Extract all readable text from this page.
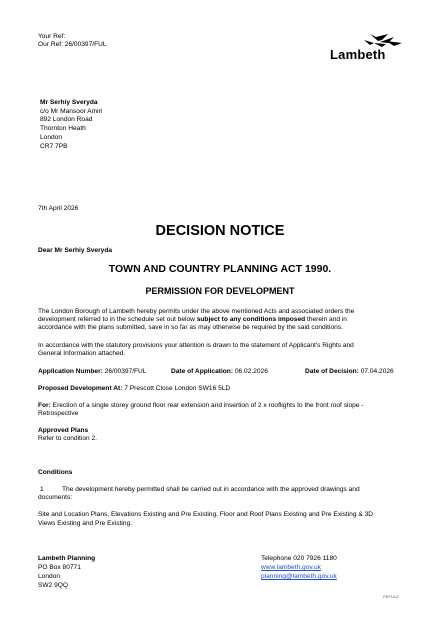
Your Ref:
Our Ref: 26/00397/FUL
Lambeth
Mr Serhiy Sveryda
c/o Mr Mansoor Amiri
892 London Road
Thornton Heath
London
CR7 7PB
7th April 2026
DECISION NOTICE
Dear Mr Serhiy Sveryda
TOWN AND COUNTRY PLANNING ACT 1990.
PERMISSION FOR DEVELOPMENT
The London Borough of Lambeth hereby permits under the above mentioned Acts and associated orders the
development referred to in the schedule set out below subject to any conditions imposed therein and in
accordance with the plans submitted, save in so far as may otherwise be required by the said conditions.
In accordance with the statutory provisions your attention is drawn to the statement of Applicant’s Rights and
General Information attached.
Application Number: 26/00397/FUL	Date of Application: 06.02.2026	Date of Decision: 07.04.2026
Proposed Development At: 7 Prescott Close London SW16 5LD
For: Erection of a single storey ground floor rear extension and insertion of 2 x rooflights to the front roof slope -
Retrospective
Approved Plans
Refer to condition 2.
Conditions
1	The development hereby permitted shall be carried out in accordance with the approved drawings and
documents:
Site and Location Plans, Elevations Existing and Pre Existing, Floor and Roof Plans Existing and Pre Existing & 3D
Views Existing and Pre Existing.
Lambeth Planning
PO Box 80771
London
SW2 9QQ
Telephone 020 7926 1180
www.lambeth.gov.uk
planning@lambeth.gov.uk
PEFULZ
